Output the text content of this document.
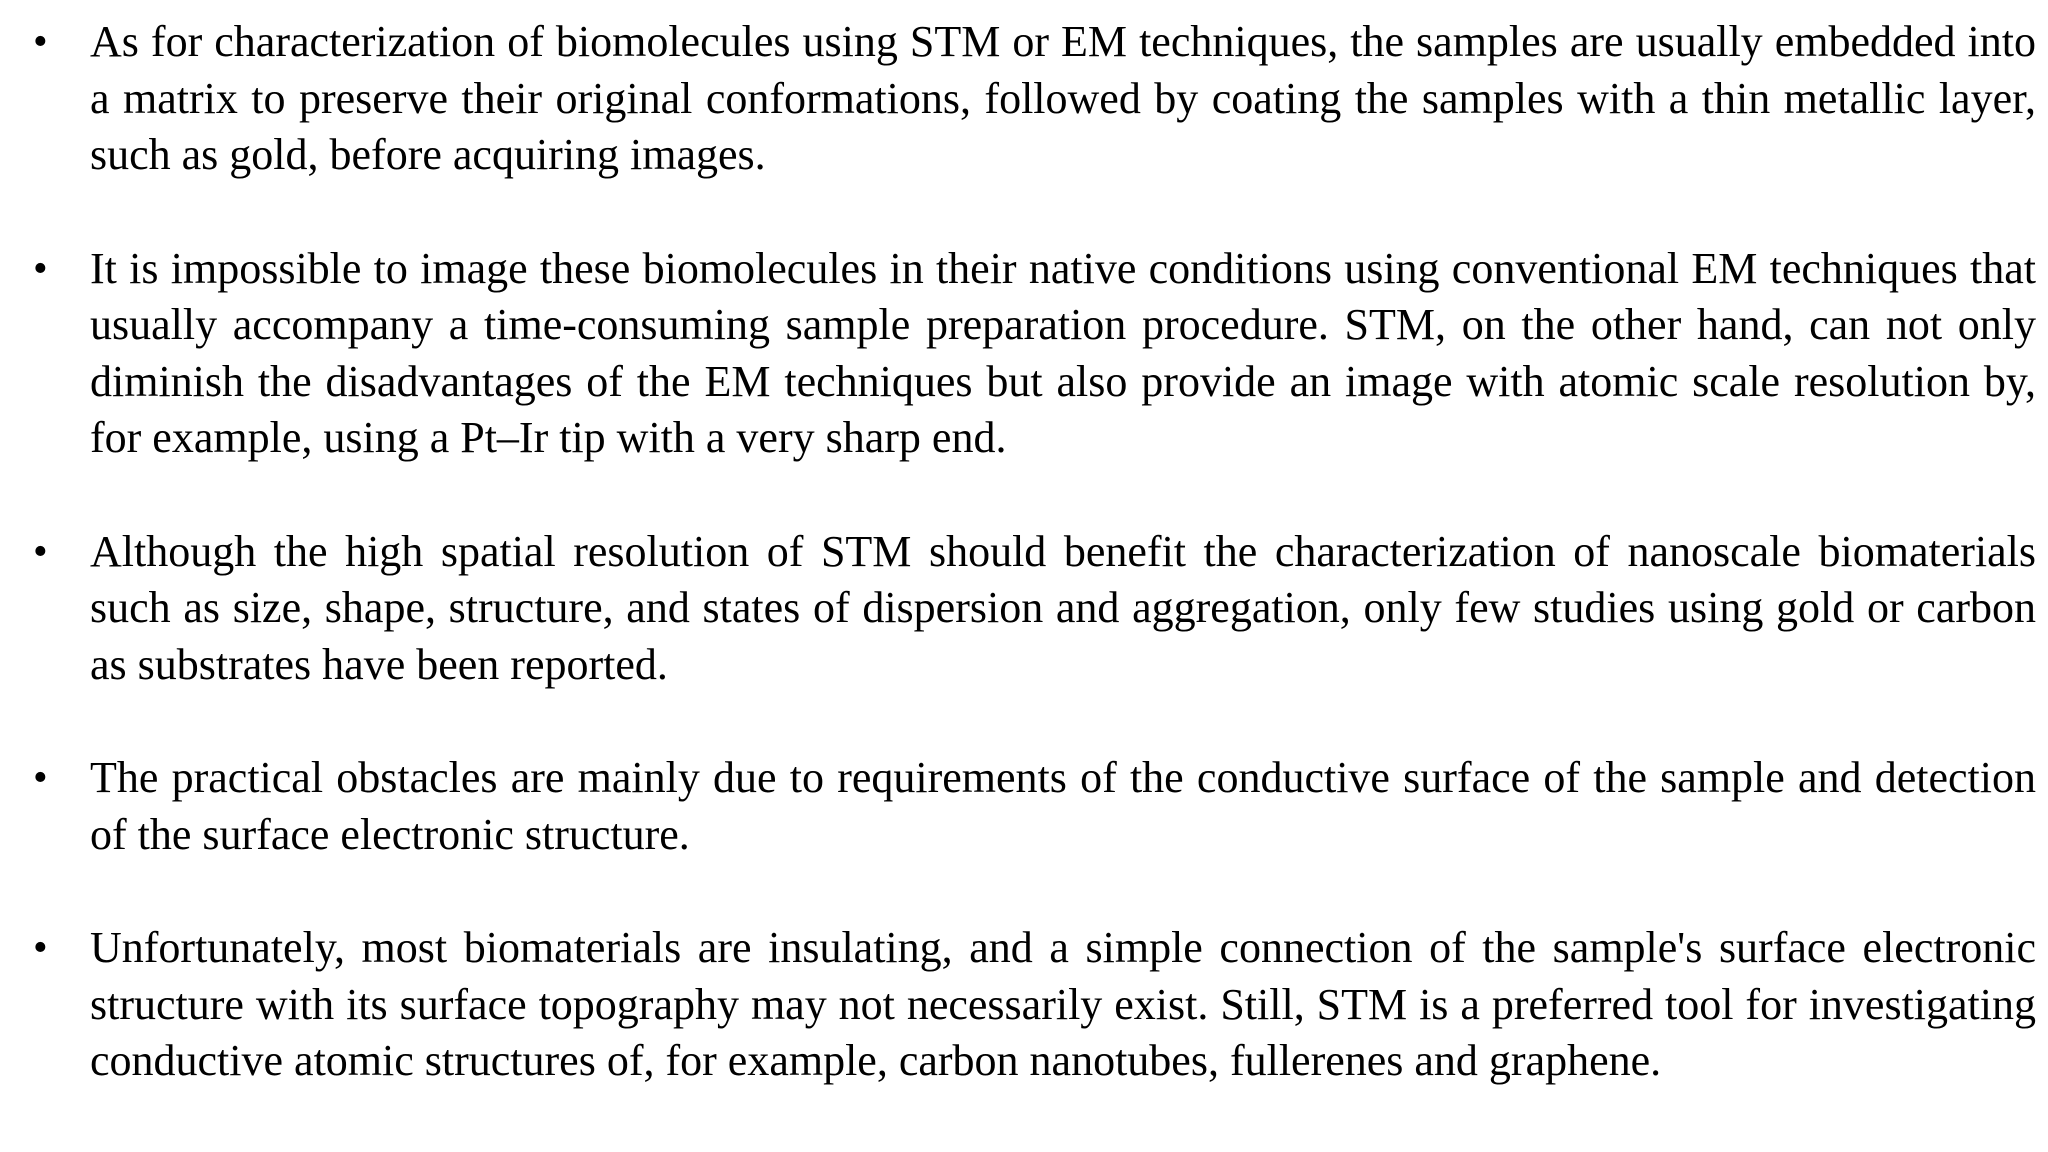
• As for characterization of biomolecules using STM or EM techniques, the samples are usually embedded into a matrix to preserve their original conformations, followed by coating the samples with a thin metallic layer, such as gold, before acquiring images.
• It is impossible to image these biomolecules in their native conditions using conventional EM techniques that usually accompany a time-consuming sample preparation procedure. STM, on the other hand, can not only diminish the disadvantages of the EM techniques but also provide an image with atomic scale resolution by, for example, using a Pt–Ir tip with a very sharp end.
• Although the high spatial resolution of STM should benefit the characterization of nanoscale biomaterials such as size, shape, structure, and states of dispersion and aggregation, only few studies using gold or carbon as substrates have been reported.
• The practical obstacles are mainly due to requirements of the conductive surface of the sample and detection of the surface electronic structure.
• Unfortunately, most biomaterials are insulating, and a simple connection of the sample's surface electronic structure with its surface topography may not necessarily exist. Still, STM is a preferred tool for investigating conductive atomic structures of, for example, carbon nanotubes, fullerenes and graphene.
